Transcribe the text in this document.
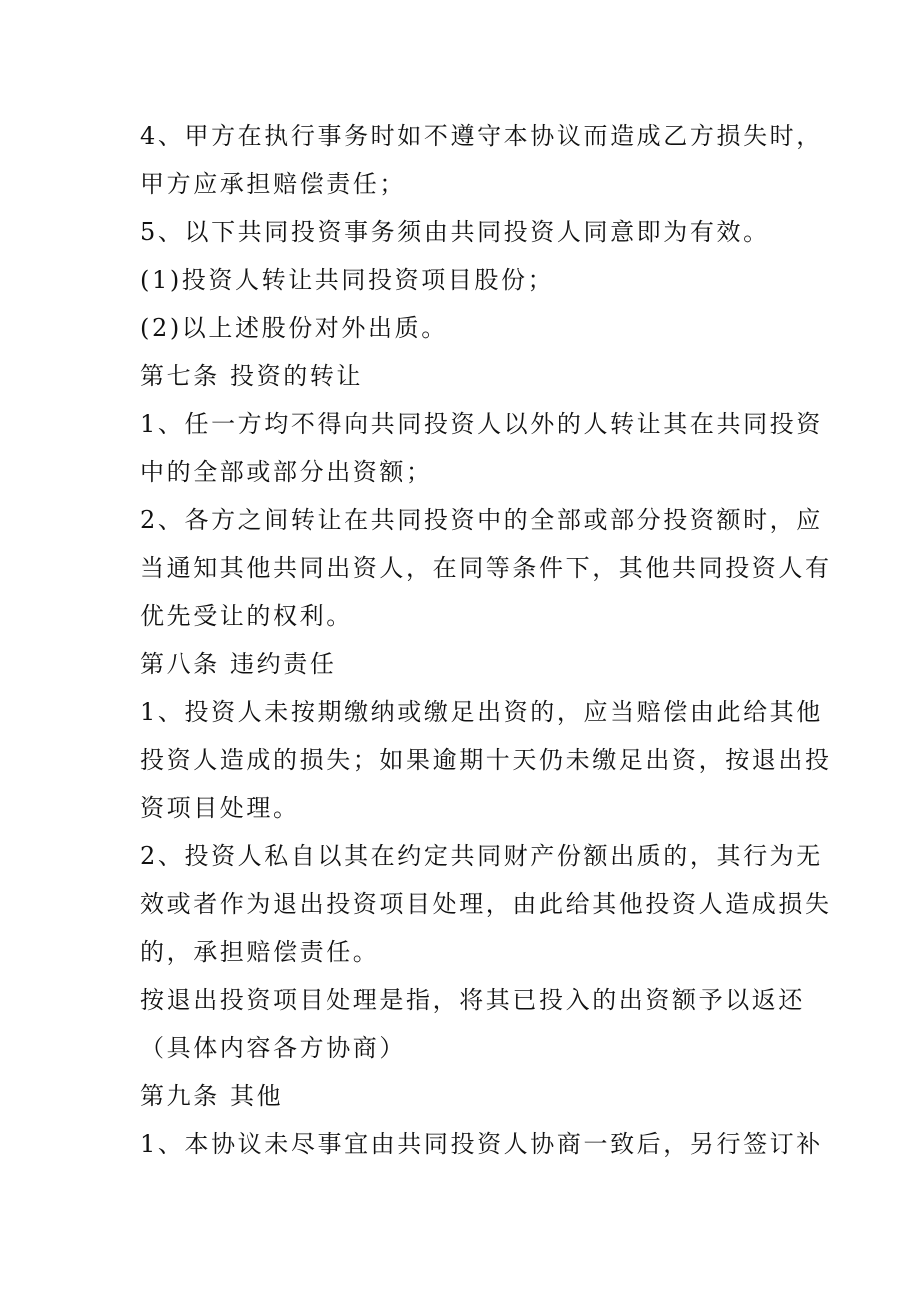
4、甲方在执行事务时如不遵守本协议而造成乙方损失时，
甲方应承担赔偿责任；
5、以下共同投资事务须由共同投资人同意即为有效。
(1)投资人转让共同投资项目股份；
(2)以上述股份对外出质。
第七条 投资的转让
1、任一方均不得向共同投资人以外的人转让其在共同投资
中的全部或部分出资额；
2、各方之间转让在共同投资中的全部或部分投资额时，应
当通知其他共同出资人，在同等条件下，其他共同投资人有
优先受让的权利。
第八条 违约责任
1、投资人未按期缴纳或缴足出资的，应当赔偿由此给其他
投资人造成的损失；如果逾期十天仍未缴足出资，按退出投
资项目处理。
2、投资人私自以其在约定共同财产份额出质的，其行为无
效或者作为退出投资项目处理，由此给其他投资人造成损失
的，承担赔偿责任。
按退出投资项目处理是指，将其已投入的出资额予以返还
（具体内容各方协商）
第九条 其他
1、本协议未尽事宜由共同投资人协商一致后，另行签订补
